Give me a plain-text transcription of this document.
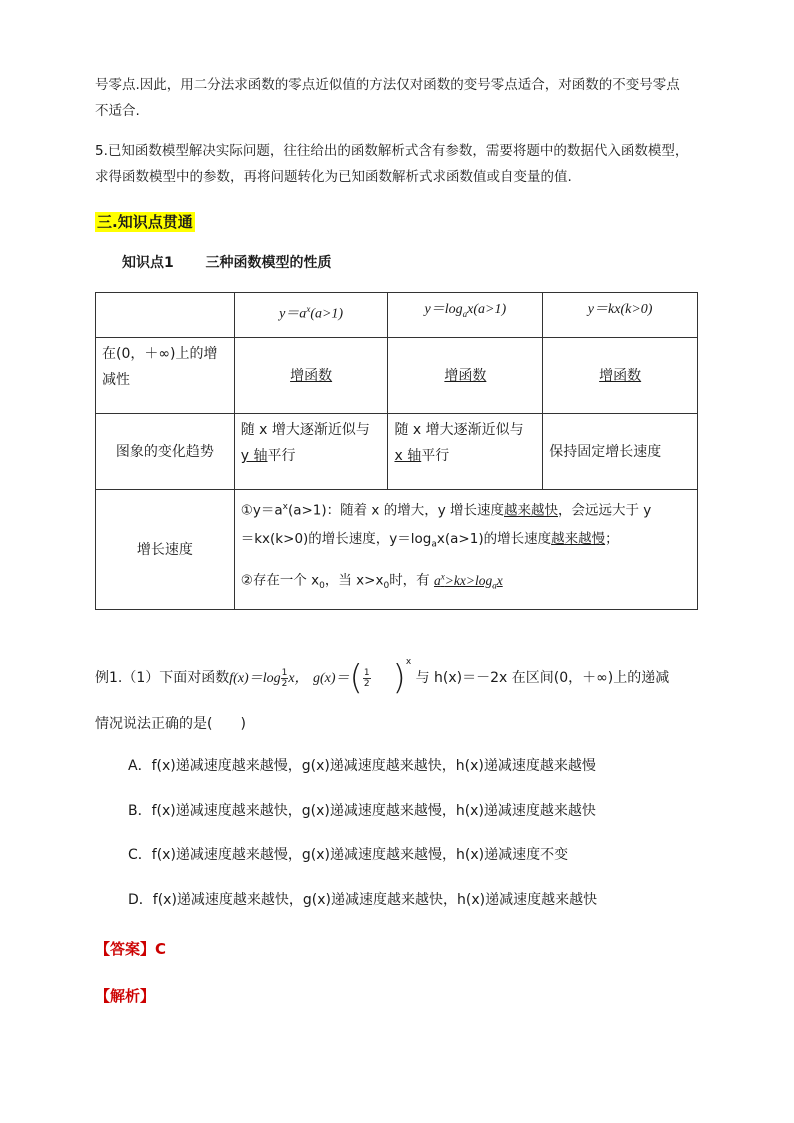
号零点.因此，用二分法求函数的零点近似值的方法仅对函数的变号零点适合，对函数的不变号零点
不适合.
5.已知函数模型解决实际问题，往往给出的函数解析式含有参数，需要将题中的数据代入函数模型，
求得函数模型中的参数，再将问题转化为已知函数解析式求函数值或自变量的值.
三.知识点贯通
知识点1 三种函数模型的性质
	$y=a^x(a>1)$	$y=\log_ax(a>1)$	y＝kx(k>0)
在(0，＋∞)上的增减性	增函数	增函数	增函数
图象的变化趋势	随 x 增大逐渐近似与
y 轴平行	随 x 增大逐渐近似与
x 轴平行	保持固定增长速度
增长速度	$①y=a^x(a>1)$：随着 x 的增大，y 增长速度越来越快，会远远大于 y
＝kx(k>0)的增长速度，$y=\log_ax(a>1)$的增长速度越来越慢；
②存在一个 $x_0$，当 $x>x_0$时，有 $a^x>kx>\log_ax$		
例1.（1）下面对函数$f(x)=\log \frac{1}{2}$ x， $g(x)=( \frac{1}{2} )^x$ 与 h(x)＝－2x 在区间(0，＋∞)上的递减
情况说法正确的是(　　)
A．f(x)递减速度越来越慢，g(x)递减速度越来越快，h(x)递减速度越来越慢
B．f(x)递减速度越来越快，g(x)递减速度越来越慢，h(x)递减速度越来越快
C．f(x)递减速度越来越慢，g(x)递减速度越来越慢，h(x)递减速度不变
D．f(x)递减速度越来越快，g(x)递减速度越来越快，h(x)递减速度越来越快
【答案】C
【解析】
